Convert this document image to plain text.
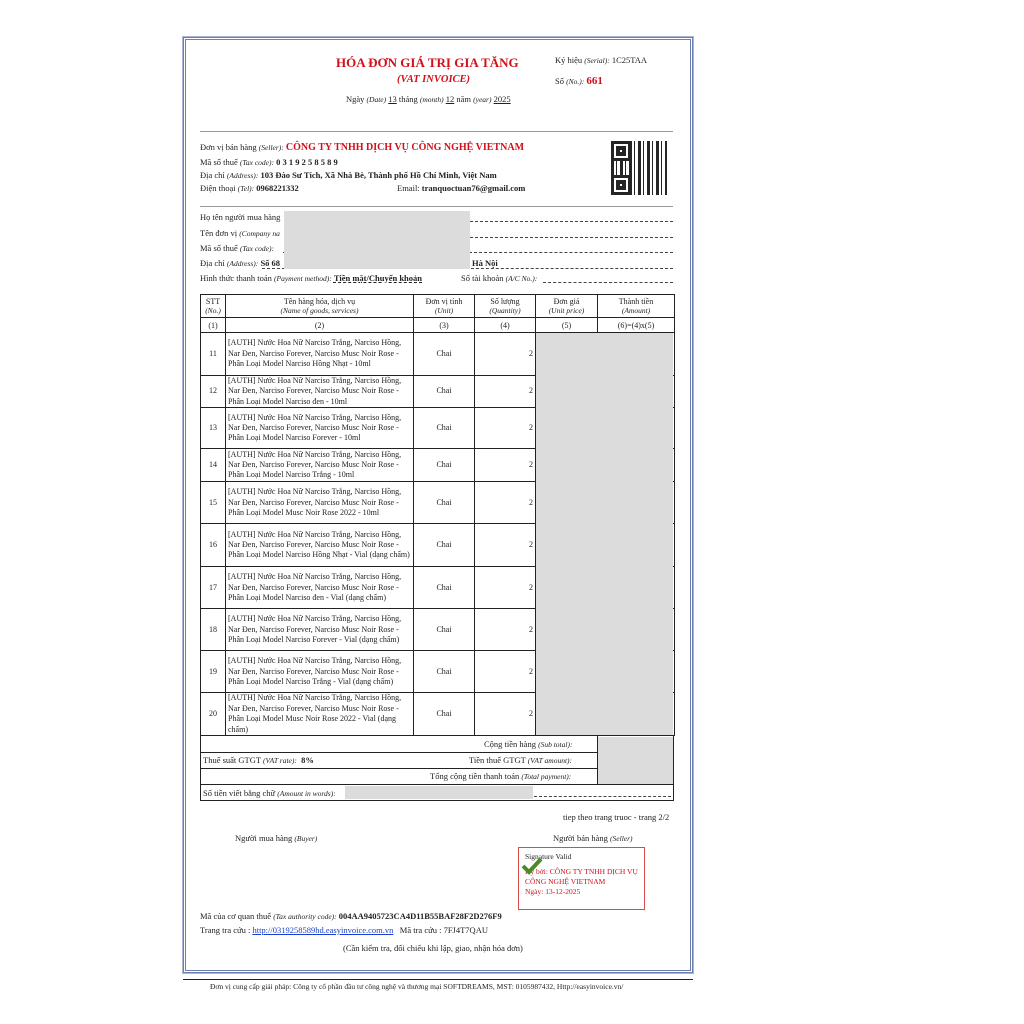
HÓA ĐƠN GIÁ TRỊ GIA TĂNG
(VAT INVOICE)
Ngày (Date) 13 tháng (month) 12 năm (year) 2025
Ký hiệu (Serial): 1C25TAA
Số (No.): 661
Đơn vị bán hàng (Seller): CÔNG TY TNHH DỊCH VỤ CÔNG NGHỆ VIETNAM
Mã số thuế (Tax code): 0 3 1 9 2 5 8 5 8 9
Địa chỉ (Address): 103 Đào Sư Tích, Xã Nhà Bè, Thành phố Hồ Chí Minh, Việt Nam
Điện thoại (Tel): 0968221332	Email: tranquoctuan76@gmail.com
Họ tên người mua hàng
Tên đơn vị (Company na
Mã số thuế (Tax code):
Địa chỉ (Address): Số 68	Hà Nội
Hình thức thanh toán (Payment method): Tiền mặt/Chuyển khoản	Số tài khoản (A/C No.):
STT
(No.)	Tên hàng hóa, dịch vụ
(Name of goods, services)	Đơn vị tính
(Unit)	Số lượng
(Quantity)	Đơn giá
(Unit price)	Thành tiền
(Amount)
(1)	(2)	(3)	(4)	(5)	(6)=(4)x(5)
11	[AUTH] Nước Hoa Nữ Narciso Trắng, Narciso Hồng, Nar Đen, Narciso Forever, Narciso Musc Noir Rose - Phân Loại Model Narciso Hồng Nhạt - 10ml	Chai	2		
12	[AUTH] Nước Hoa Nữ Narciso Trắng, Narciso Hồng, Nar Đen, Narciso Forever, Narciso Musc Noir Rose - Phân Loại Model Narciso đen - 10ml	Chai	2		
13	[AUTH] Nước Hoa Nữ Narciso Trắng, Narciso Hồng, Nar Đen, Narciso Forever, Narciso Musc Noir Rose - Phân Loại Model Narciso Forever - 10ml	Chai	2		
14	[AUTH] Nước Hoa Nữ Narciso Trắng, Narciso Hồng, Nar Đen, Narciso Forever, Narciso Musc Noir Rose - Phân Loại Model Narciso Trắng - 10ml	Chai	2		
15	[AUTH] Nước Hoa Nữ Narciso Trắng, Narciso Hồng, Nar Đen, Narciso Forever, Narciso Musc Noir Rose - Phân Loại Model Musc Noir Rose 2022 - 10ml	Chai	2		
16	[AUTH] Nước Hoa Nữ Narciso Trắng, Narciso Hồng, Nar Đen, Narciso Forever, Narciso Musc Noir Rose - Phân Loại Model Narciso Hồng Nhạt - Vial (dạng chấm)	Chai	2		
17	[AUTH] Nước Hoa Nữ Narciso Trắng, Narciso Hồng, Nar Đen, Narciso Forever, Narciso Musc Noir Rose - Phân Loại Model Narciso đen - Vial (dạng chấm)	Chai	2		
18	[AUTH] Nước Hoa Nữ Narciso Trắng, Narciso Hồng, Nar Đen, Narciso Forever, Narciso Musc Noir Rose - Phân Loại Model Narciso Forever - Vial (dạng chấm)	Chai	2		
19	[AUTH] Nước Hoa Nữ Narciso Trắng, Narciso Hồng, Nar Đen, Narciso Forever, Narciso Musc Noir Rose - Phân Loại Model Narciso Trắng - Vial (dạng chấm)	Chai	2		
20	[AUTH] Nước Hoa Nữ Narciso Trắng, Narciso Hồng, Nar Đen, Narciso Forever, Narciso Musc Noir Rose - Phân Loại Model Musc Noir Rose 2022 - Vial (dạng chấm)	Chai	2		
Cộng tiền hàng (Sub total):
Thuế suất GTGT (VAT rate): 8%	Tiền thuế GTGT (VAT amount):
Tổng cộng tiền thanh toán (Total payment):
Số tiền viết bằng chữ (Amount in words):
tiep theo trang truoc - trang 2/2
Người mua hàng (Buyer)	Người bán hàng (Seller)
Signature Valid
Ký bởi: CÔNG TY TNHH DỊCH VỤ CÔNG NGHỆ VIETNAM
Ngày: 13-12-2025
Mã của cơ quan thuế (Tax authority code): 004AA9405723CA4D11B55BAF28F2D276F9
Trang tra cứu : http://0319258589hd.easyinvoice.com.vn Mã tra cứu : 7FJ4T7QAU
(Cần kiểm tra, đối chiếu khi lập, giao, nhận hóa đơn)
Đơn vị cung cấp giải pháp: Công ty cổ phần đầu tư công nghệ và thương mại SOFTDREAMS, MST: 0105987432, Http://easyinvoice.vn/
